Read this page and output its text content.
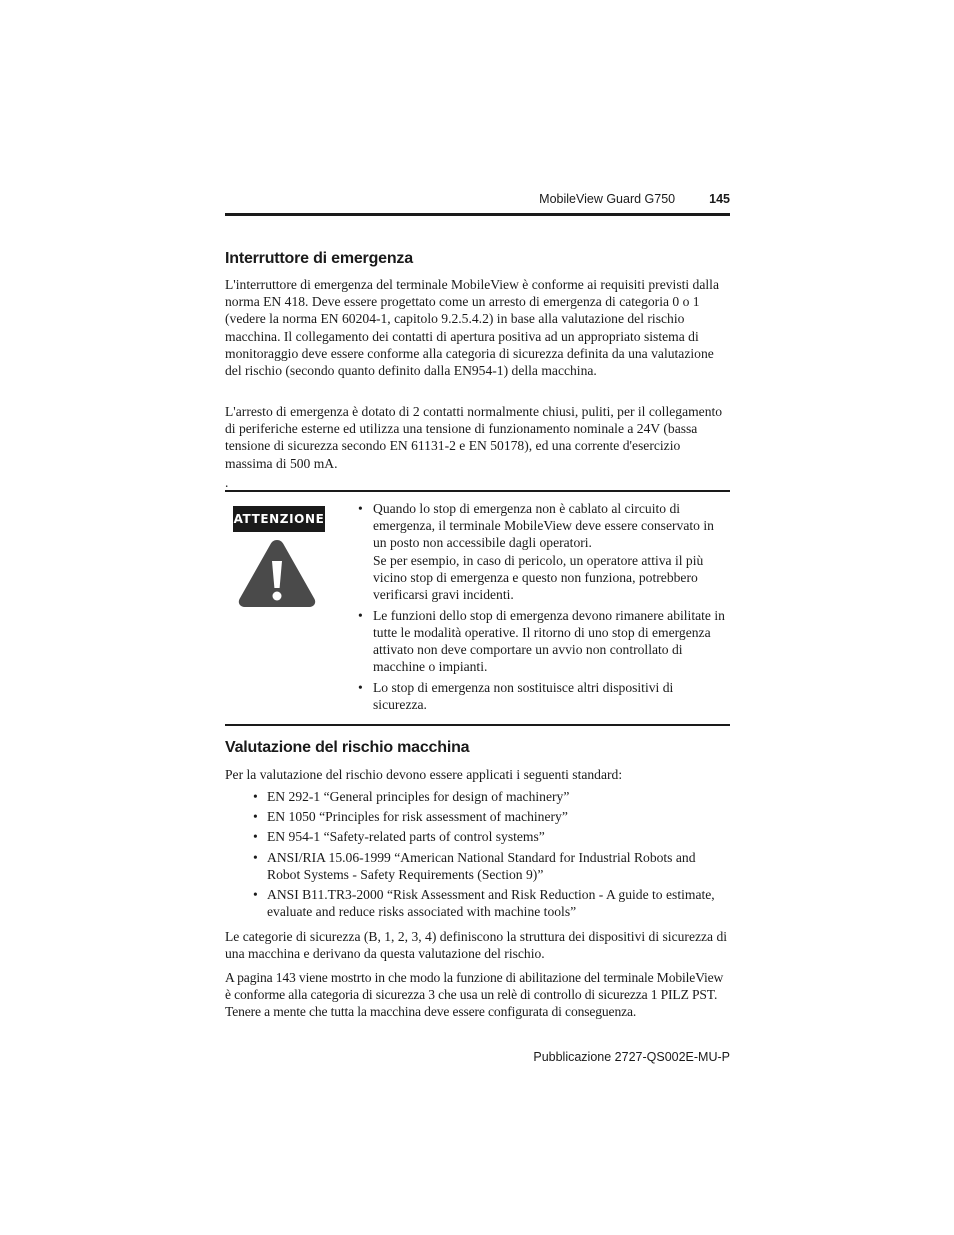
MobileView Guard G750	145
Interruttore di emergenza

L'interruttore di emergenza del terminale MobileView è conforme ai requisiti previsti dalla norma EN 418. Deve essere progettato come un arresto di emergenza di categoria 0 o 1 (vedere la norma EN 60204-1, capitolo 9.2.5.4.2) in base alla valutazione del rischio macchina. Il collegamento dei contatti di apertura positiva ad un appropriato sistema di monitoraggio deve essere conforme alla categoria di sicurezza definita da una valutazione del rischio (secondo quanto definito dalla EN954-1) della macchina.

L'arresto di emergenza è dotato di 2 contatti normalmente chiusi, puliti, per il collegamento di periferiche esterne ed utilizza una tensione di funzionamento nominale a 24V (bassa tensione di sicurezza secondo EN 61131-2 e EN 50178), ed una corrente d'esercizio massima di 500 mA.

.

ATTENZIONE
• Quando lo stop di emergenza non è cablato al circuito di emergenza, il terminale MobileView deve essere conservato in un posto non accessibile dagli operatori.
Se per esempio, in caso di pericolo, un operatore attiva il più vicino stop di emergenza e questo non funziona, potrebbero verificarsi gravi incidenti.
• Le funzioni dello stop di emergenza devono rimanere abilitate in tutte le modalità operative. Il ritorno di uno stop di emergenza attivato non deve comportare un avvio non controllato di macchine o impianti.
• Lo stop di emergenza non sostituisce altri dispositivi di sicurezza.
Valutazione del rischio macchina

Per la valutazione del rischio devono essere applicati i seguenti standard:

• EN 292-1 “General principles for design of machinery”
• EN 1050 “Principles for risk assessment of machinery”
• EN 954-1 “Safety-related parts of control systems”
• ANSI/RIA 15.06-1999 “American National Standard for Industrial Robots and Robot Systems - Safety Requirements (Section 9)”
• ANSI B11.TR3-2000 “Risk Assessment and Risk Reduction - A guide to estimate, evaluate and reduce risks associated with machine tools”

Le categorie di sicurezza (B, 1, 2, 3, 4) definiscono la struttura dei dispositivi di sicurezza di una macchina e derivano da questa valutazione del rischio.

A pagina 143 viene mostrto in che modo la funzione di abilitazione del terminale MobileView è conforme alla categoria di sicurezza 3 che usa un relè di controllo di sicurezza 1 PILZ PST. Tenere a mente che tutta la macchina deve essere configurata di conseguenza.

Pubblicazione 2727-QS002E-MU-P
